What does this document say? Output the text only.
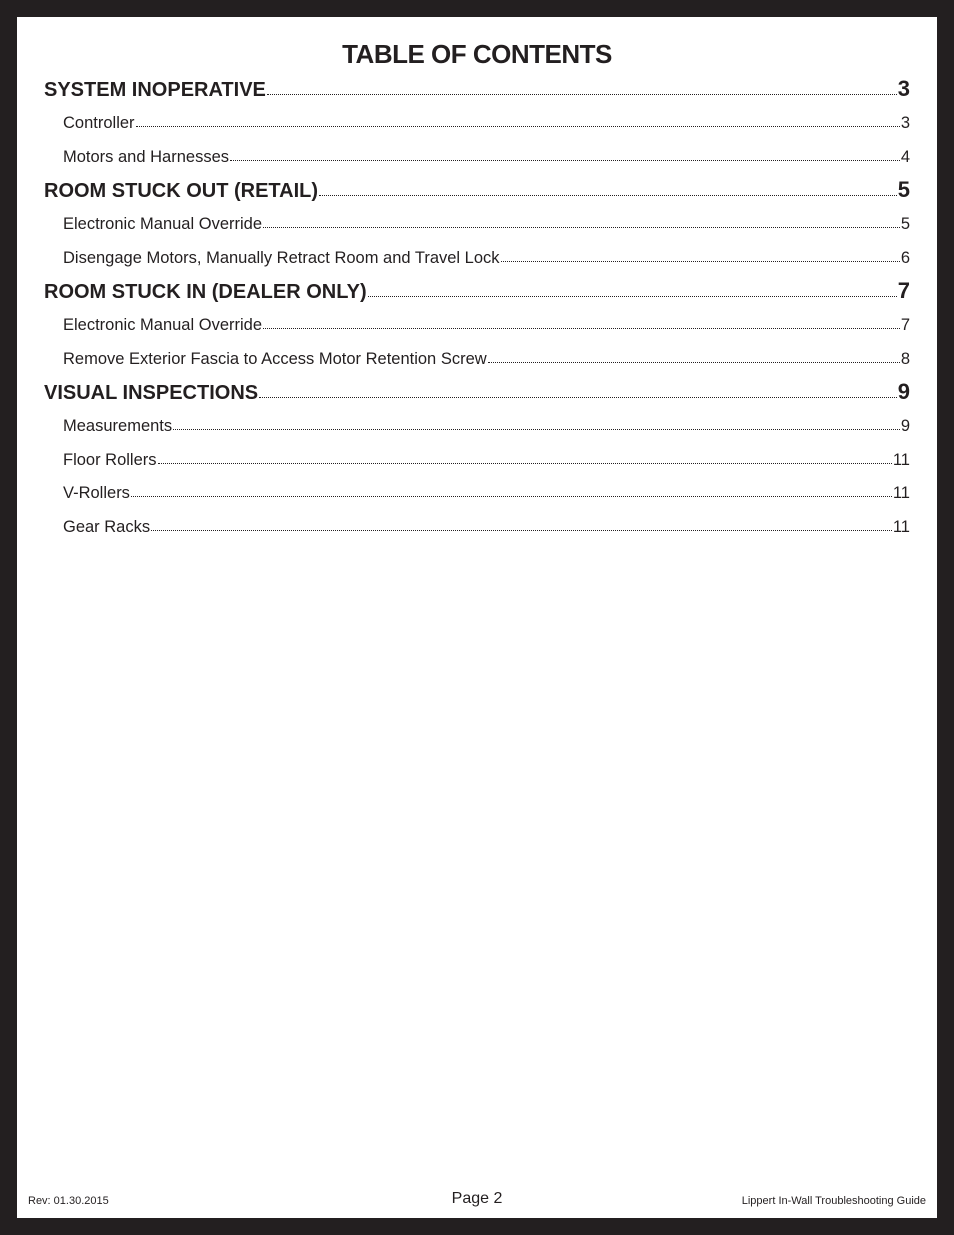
TABLE OF CONTENTS
SYSTEM INOPERATIVE	3
Controller	3
Motors and Harnesses	4
ROOM STUCK OUT (RETAIL)	5
Electronic Manual Override	5
Disengage Motors, Manually Retract Room and Travel Lock	6
ROOM STUCK IN (DEALER ONLY)	7
Electronic Manual Override	7
Remove Exterior Fascia to Access Motor Retention Screw	8
VISUAL INSPECTIONS	9
Measurements	9
Floor Rollers	11
V-Rollers	11
Gear Racks	11
Rev: 01.30.2015	Page 2	Lippert In-Wall Troubleshooting Guide
